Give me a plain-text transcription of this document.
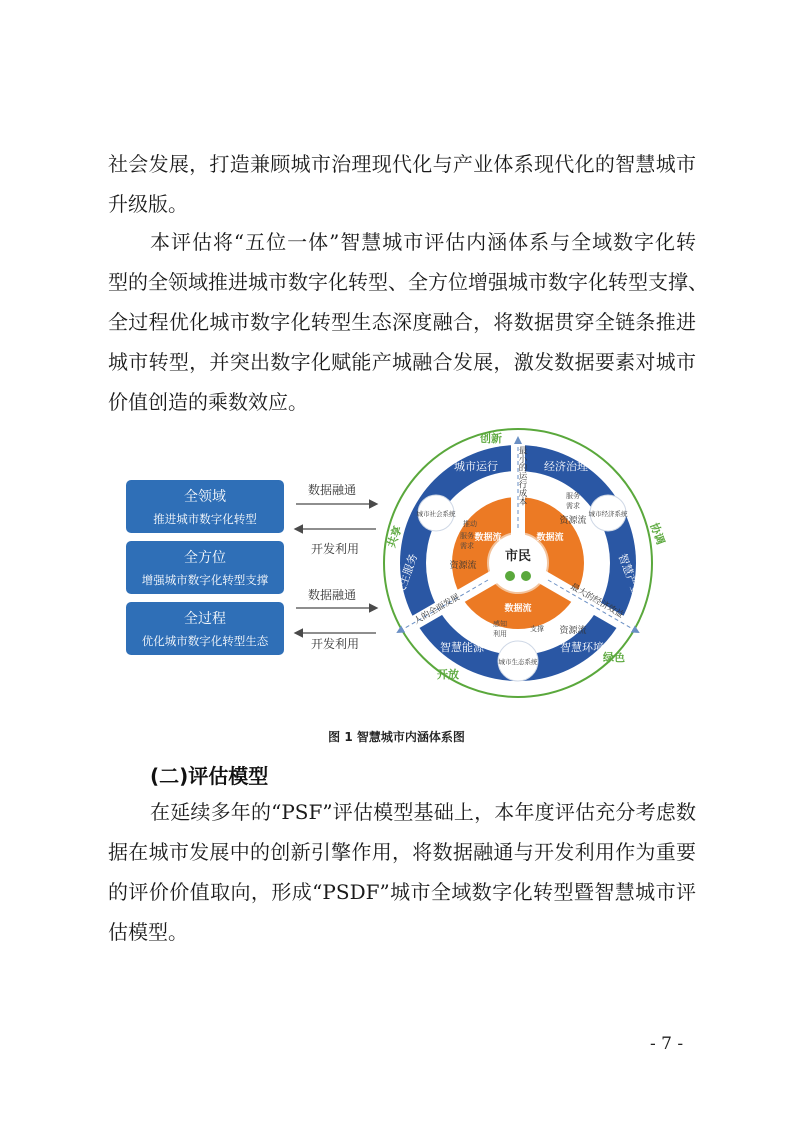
社会发展，打造兼顾城市治理现代化与产业体系现代化的智慧城市
升级版。

本评估将“五位一体”智慧城市评估内涵体系与全域数字化转
型的全领域推进城市数字化转型、全方位增强城市数字化转型支撑、
全过程优化城市数字化转型生态深度融合，将数据贯穿全链条推进
城市转型，并突出数字化赋能产城融合发展，激发数据要素对城市
价值创造的乘数效应。

全领域
推进城市数字化转型
全方位
增强城市数字化转型支撑
全过程
优化城市数字化转型生态
数据融通
开发利用
数据融通
开发利用
市民
创新
协调
绿色
开放
共享
城市运行	经济治理
智慧产业
智慧环境
智慧能源
民生服务
城市社会系统	城市经济系统
城市生态系统
最小的运行成本
最大的经济效益
人的全面发展
数据流	数据流
数据流
资源流
资源流
资源流
服务
需求
感知
利用
支撑
需求
服务
推动
图 1 智慧城市内涵体系图
(二)评估模型

在延续多年的“PSF”评估模型基础上，本年度评估充分考虑数
据在城市发展中的创新引擎作用，将数据融通与开发利用作为重要
的评价价值取向，形成“PSDF”城市全域数字化转型暨智慧城市评
估模型。

- 7 -
